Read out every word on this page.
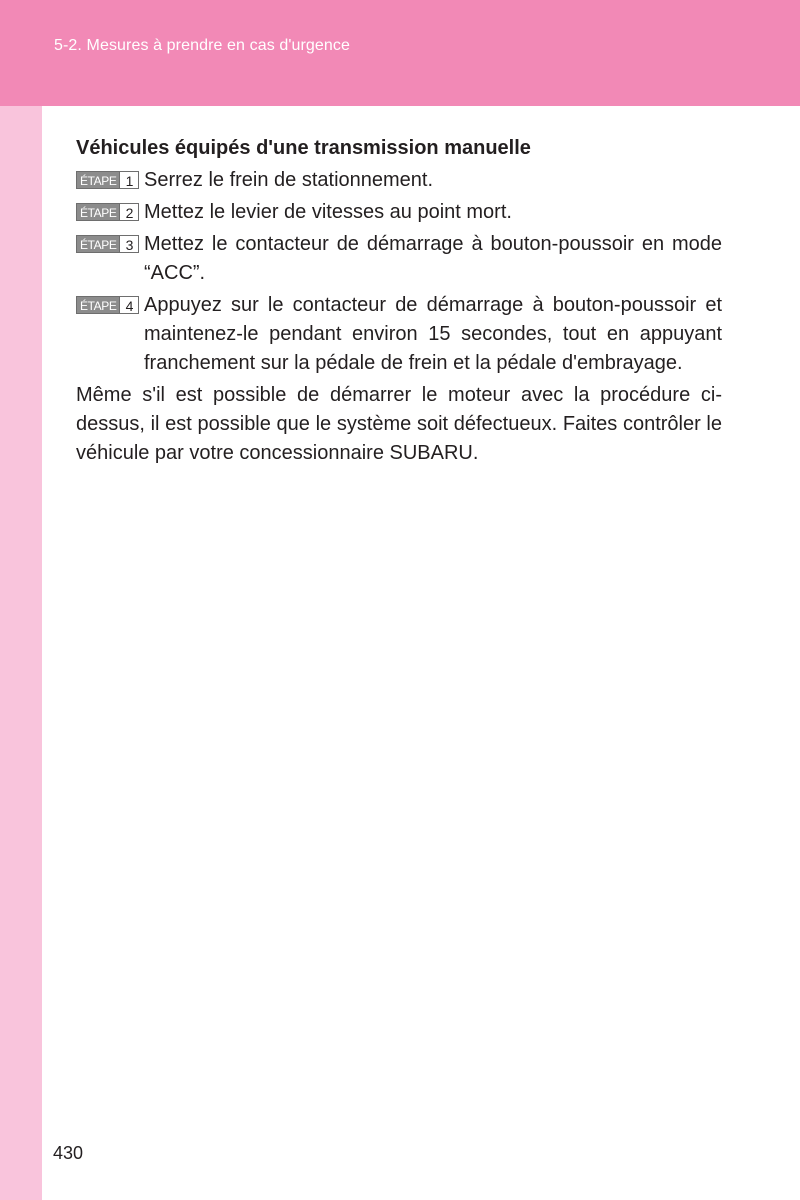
5-2. Mesures à prendre en cas d'urgence
Véhicules équipés d'une transmission manuelle
ÉTAPE 1 Serrez le frein de stationnement.
ÉTAPE 2 Mettez le levier de vitesses au point mort.
ÉTAPE 3 Mettez le contacteur de démarrage à bouton-poussoir en mode “ACC”.
ÉTAPE 4 Appuyez sur le contacteur de démarrage à bouton-poussoir et maintenez-le pendant environ 15 secondes, tout en appuyant franchement sur la pédale de frein et la pédale d'embrayage.
Même s'il est possible de démarrer le moteur avec la procédure ci-dessus, il est possible que le système soit défectueux. Faites contrôler le véhicule par votre concessionnaire SUBARU.
430
